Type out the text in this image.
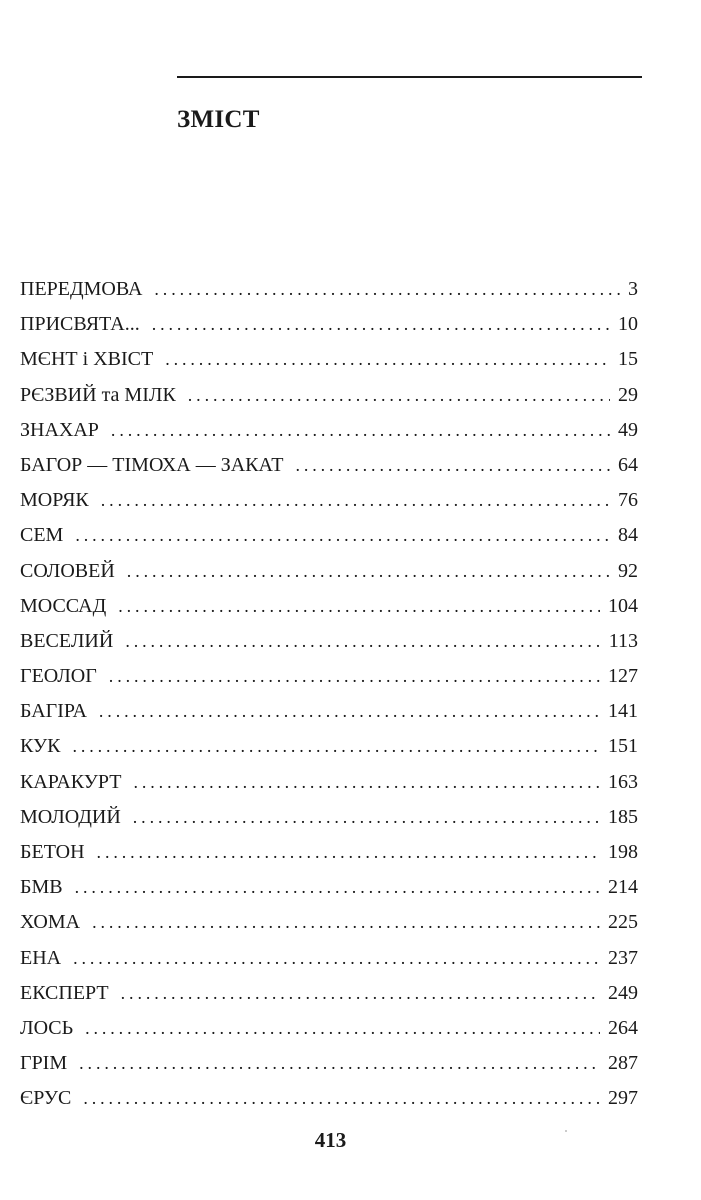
ЗМІСТ
ПЕРЕДМОВА . . .	3
ПРИСВЯТА... . . .	10
МЄНТ і ХВІСТ . . .	15
РЄЗВИЙ та МІЛК . . .	29
ЗНАХАР . . .	49
БАГОР — ТІМОХА — ЗАКАТ . . .	64
МОРЯК . . .	76
СЕМ . . .	84
СОЛОВЕЙ . . .	92
МОССАД . . .	104
ВЕСЕЛИЙ . . .	113
ГЕОЛОГ . . .	127
БАГІРА . . .	141
КУК . . .	151
КАРАКУРТ . . .	163
МОЛОДИЙ . . .	185
БЕТОН . . .	198
БМВ . . .	214
ХОМА . . .	225
ЕНА . . .	237
ЕКСПЕРТ . . .	249
ЛОСЬ . . .	264
ГРІМ . . .	287
ЄРУС . . .	297
413
